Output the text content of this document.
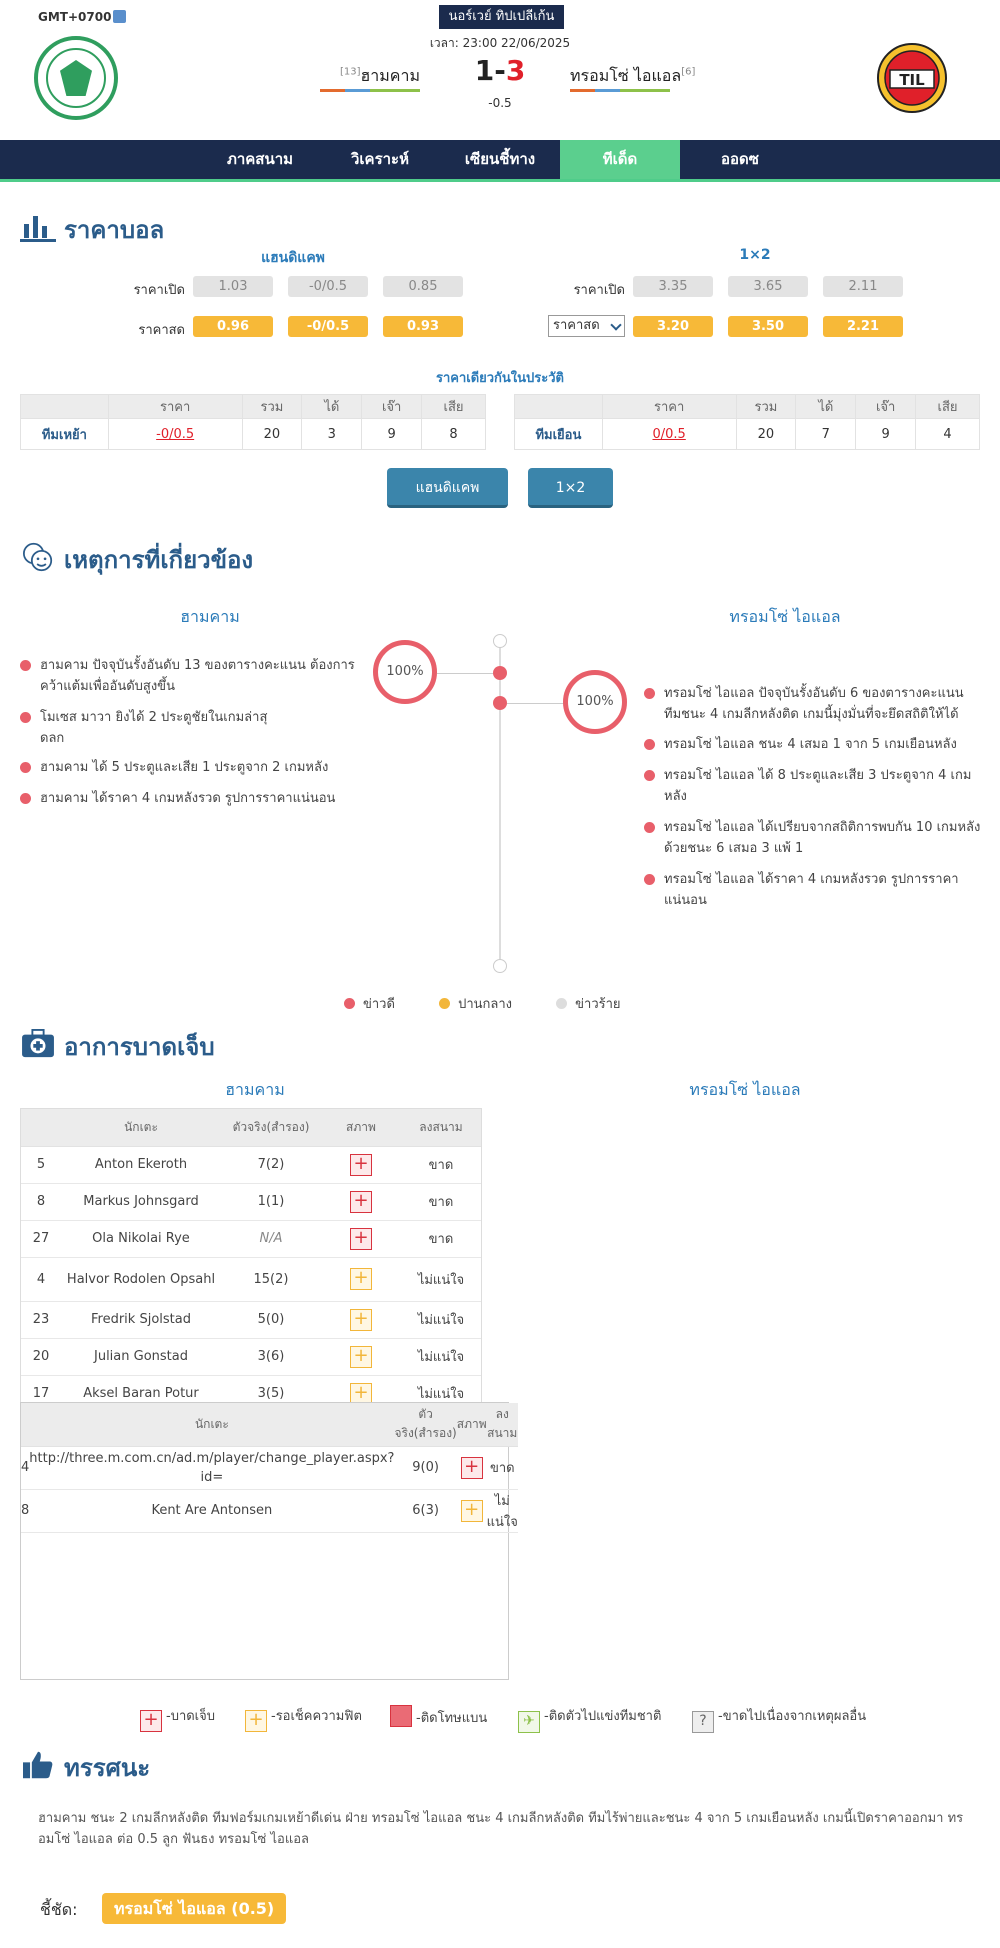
GMT+0700	นอร์เวย์ ทิปเปลีเก้น
เวลา: 23:00 22/06/2025
TIL
[13]ฮามคาม	1-3
-0.5
ทรอมโซ่ ไอแอล[6]
ภาคสนาม	วิเคราะห์	เซียนชี้ทาง	ทีเด็ด	ออดซ
ราคาบอล
แฮนดิแคพ	1×2
ราคาเปิด	1.03	-0/0.5	0.85
ราคาสด	0.96	-0/0.5	0.93
ราคาเปิด	3.35	3.65	2.11
ราคาสด	3.20	3.50	2.21
ราคาเดียวกันในประวัติ
	ราคา	รวม	ได้	เจ๊า	เสีย
ทีมเหย้า	-0/0.5	20	3	9	8
	ราคา	รวม	ได้	เจ๊า	เสีย
ทีมเยือน	0/0.5	20	7	9	4
แฮนดิแคพ	1×2
เหตุการที่เกี่ยวข้อง
ฮามคาม	ทรอมโซ่ ไอแอล
ฮามคาม ปัจจุบันรั้งอันดับ 13 ของตารางคะแนน ต้องการคว้าแต้มเพื่ออันดับสูงขึ้น
โมเซส มาวา ยิงได้ 2 ประตูชัยในเกมล่าสุดลก
ฮามคาม ได้ 5 ประตูและเสีย 1 ประตูจาก 2 เกมหลัง
ฮามคาม ได้ราคา 4 เกมหลังรวด รูปการราคาแน่นอน
100%
100%
ทรอมโซ่ ไอแอล ปัจจุบันรั้งอันดับ 6 ของตารางคะแนน ทีมชนะ 4 เกมลีกหลังติด เกมนี้มุ่งมั่นที่จะยึดสถิติให้ได้
ทรอมโซ่ ไอแอล ชนะ 4 เสมอ 1 จาก 5 เกมเยือนหลัง
ทรอมโซ่ ไอแอล ได้ 8 ประตูและเสีย 3 ประตูจาก 4 เกมหลัง
ทรอมโซ่ ไอแอล ได้เปรียบจากสถิติการพบกัน 10 เกมหลังด้วยชนะ 6 เสมอ 3 แพ้ 1
ทรอมโซ่ ไอแอล ได้ราคา 4 เกมหลังรวด รูปการราคาแน่นอน
ข่าวดี	ปานกลาง	ข่าวร้าย
อาการบาดเจ็บ
ฮามคาม	ทรอมโซ่ ไอแอล
	นักเตะ	ตัวจริง(สำรอง)	สภาพ	ลงสนาม
5	Anton Ekeroth	7(2)	+	ขาด
8	Markus Johnsgard	1(1)	+	ขาด
27	Ola Nikolai Rye	N/A	+	ขาด
4	Halvor Rodolen Opsahl	15(2)	+	ไม่แน่ใจ
23	Fredrik Sjolstad	5(0)	+	ไม่แน่ใจ
20	Julian Gonstad	3(6)	+	ไม่แน่ใจ
17	Aksel Baran Potur	3(5)	+	ไม่แน่ใจ
	นักเตะ	ตัวจริง(สำรอง)	สภาพ	ลงสนาม
4	http://three.m.com.cn/ad.m/player/change_player.aspx?id=	9(0)	+	ขาด
8	Kent Are Antonsen	6(3)	+	ไม่แน่ใจ
+ -บาดเจ็บ + -รอเช็คความฟิต	-ติดโทษแบน	✈ -ติดตัวไปแข่งทีมชาติ	? -ขาดไปเนื่องจากเหตุผลอื่น
ทรรศนะ
ฮามคาม ชนะ 2 เกมลีกหลังติด ทีมฟอร์มเกมเหย้าดีเด่น ฝ่าย ทรอมโซ่ ไอแอล ชนะ 4 เกมลีกหลังติด ทีมไร้พ่ายและชนะ 4 จาก 5 เกมเยือนหลัง เกมนี้เปิดราคาออกมา ทรอมโซ่ ไอแอล ต่อ 0.5 ลูก ฟันธง ทรอมโซ่ ไอแอล
ชี้ชัด:	ทรอมโซ่ ไอแอล (0.5)
